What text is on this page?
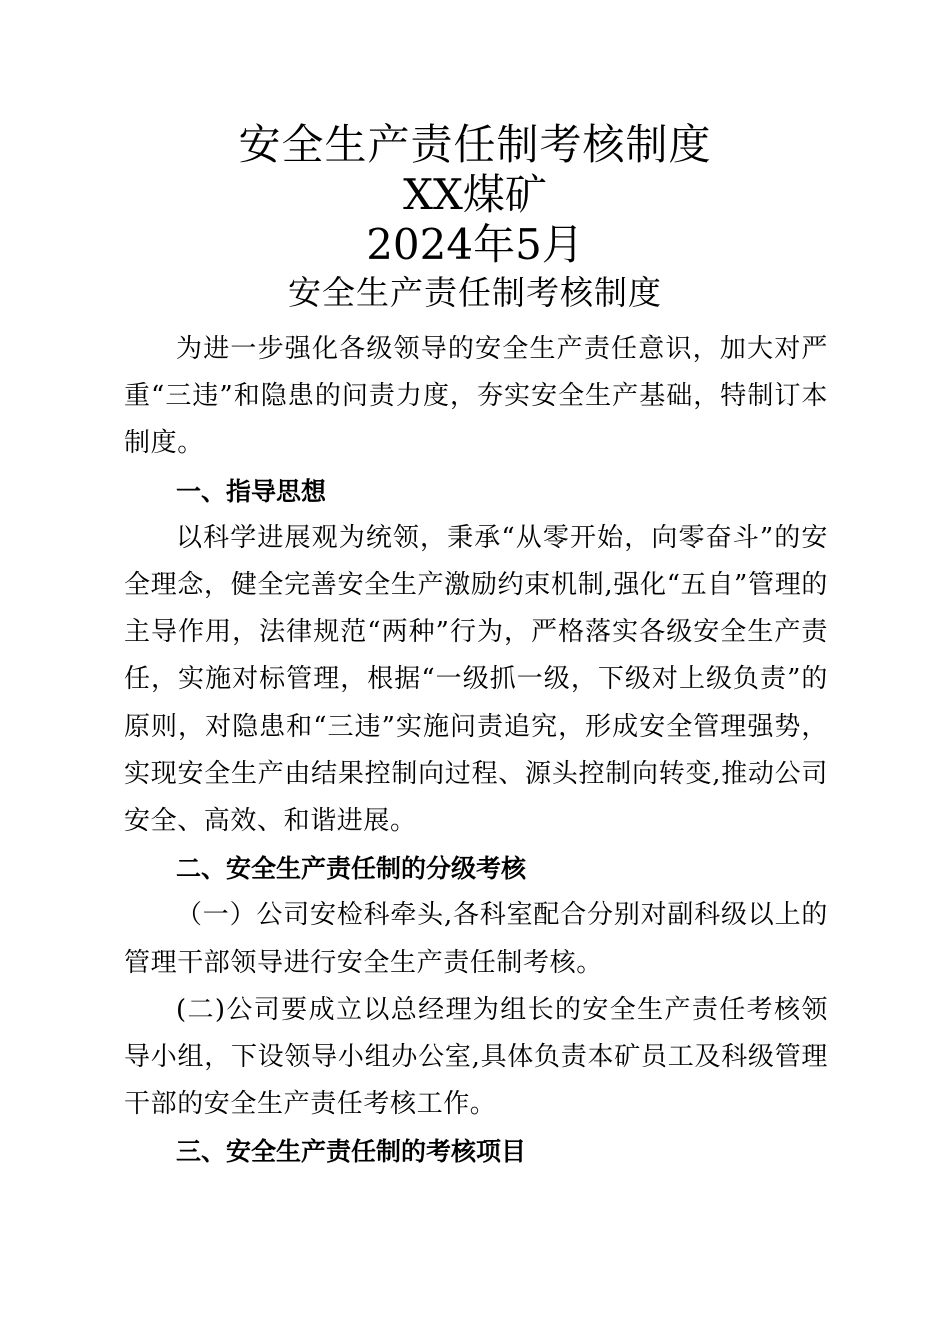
安全生产责任制考核制度
XX煤矿
2024年5月
安全生产责任制考核制度

为进一步强化各级领导的安全生产责任意识，加大对严重“三违”和隐患的问责力度，夯实安全生产基础，特制订本制度。

一、指导思想

以科学进展观为统领，秉承“从零开始，向零奋斗”的安全理念，健全完善安全生产激励约束机制,强化“五自”管理的主导作用，法律规范“两种”行为，严格落实各级安全生产责任，实施对标管理，根据“一级抓一级，下级对上级负责”的原则，对隐患和“三违”实施问责追究，形成安全管理强势，实现安全生产由结果控制向过程、源头控制向转变,推动公司安全、高效、和谐进展。

二、安全生产责任制的分级考核

（一）公司安检科牵头,各科室配合分别对副科级以上的管理干部领导进行安全生产责任制考核。

(二)公司要成立以总经理为组长的安全生产责任考核领导小组，下设领导小组办公室,具体负责本矿员工及科级管理干部的安全生产责任考核工作。

三、安全生产责任制的考核项目
